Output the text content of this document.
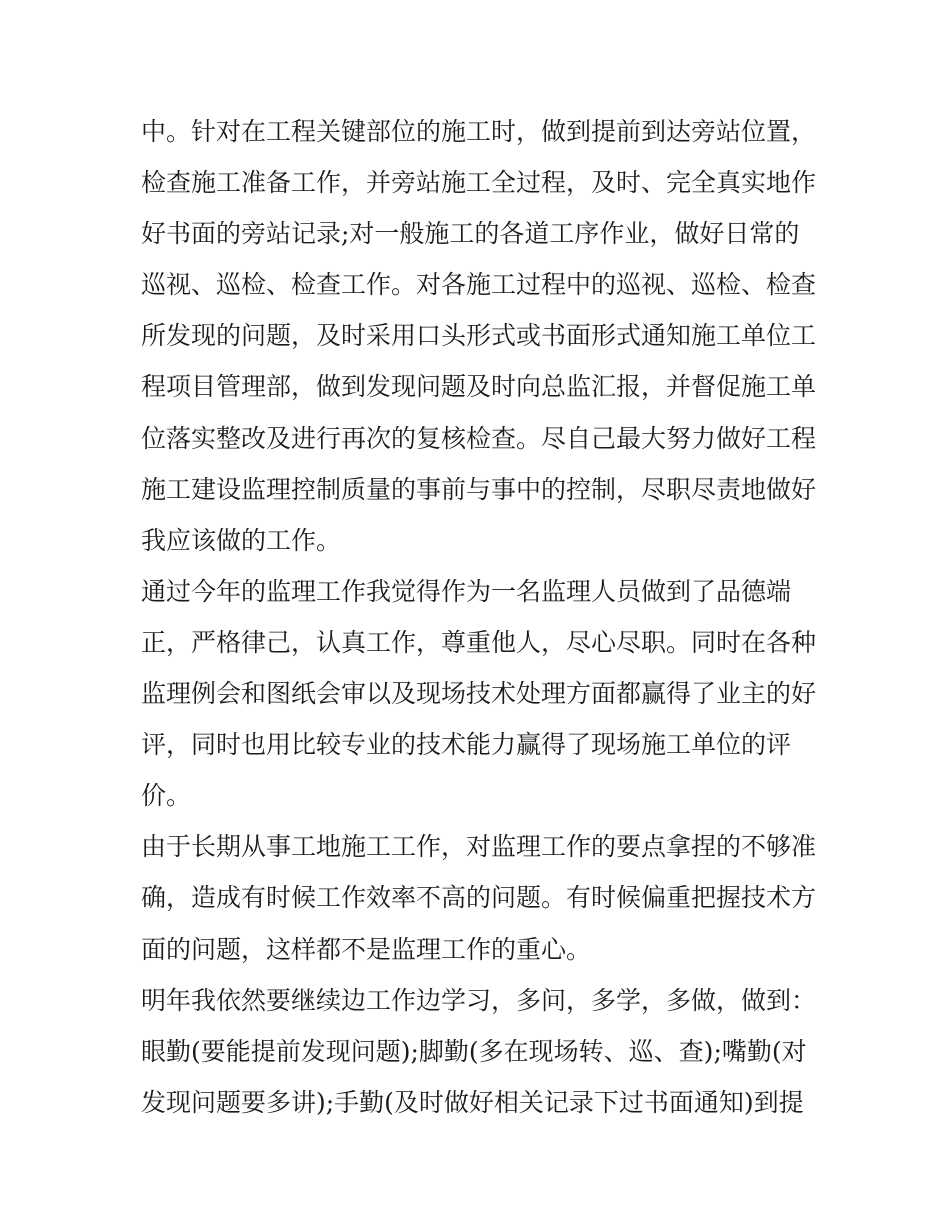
中。针对在工程关键部位的施工时，做到提前到达旁站位置，
检查施工准备工作，并旁站施工全过程，及时、完全真实地作
好书面的旁站记录;对一般施工的各道工序作业，做好日常的
巡视、巡检、检查工作。对各施工过程中的巡视、巡检、检查
所发现的问题，及时采用口头形式或书面形式通知施工单位工
程项目管理部，做到发现问题及时向总监汇报，并督促施工单
位落实整改及进行再次的复核检查。尽自己最大努力做好工程
施工建设监理控制质量的事前与事中的控制，尽职尽责地做好
我应该做的工作。
通过今年的监理工作我觉得作为一名监理人员做到了品德端
正，严格律己，认真工作，尊重他人，尽心尽职。同时在各种
监理例会和图纸会审以及现场技术处理方面都赢得了业主的好
评，同时也用比较专业的技术能力赢得了现场施工单位的评
价。
由于长期从事工地施工工作，对监理工作的要点拿捏的不够准
确，造成有时候工作效率不高的问题。有时候偏重把握技术方
面的问题，这样都不是监理工作的重心。
明年我依然要继续边工作边学习，多问，多学，多做，做到：
眼勤(要能提前发现问题);脚勤(多在现场转、巡、查);嘴勤(对
发现问题要多讲);手勤(及时做好相关记录下过书面通知)到提
